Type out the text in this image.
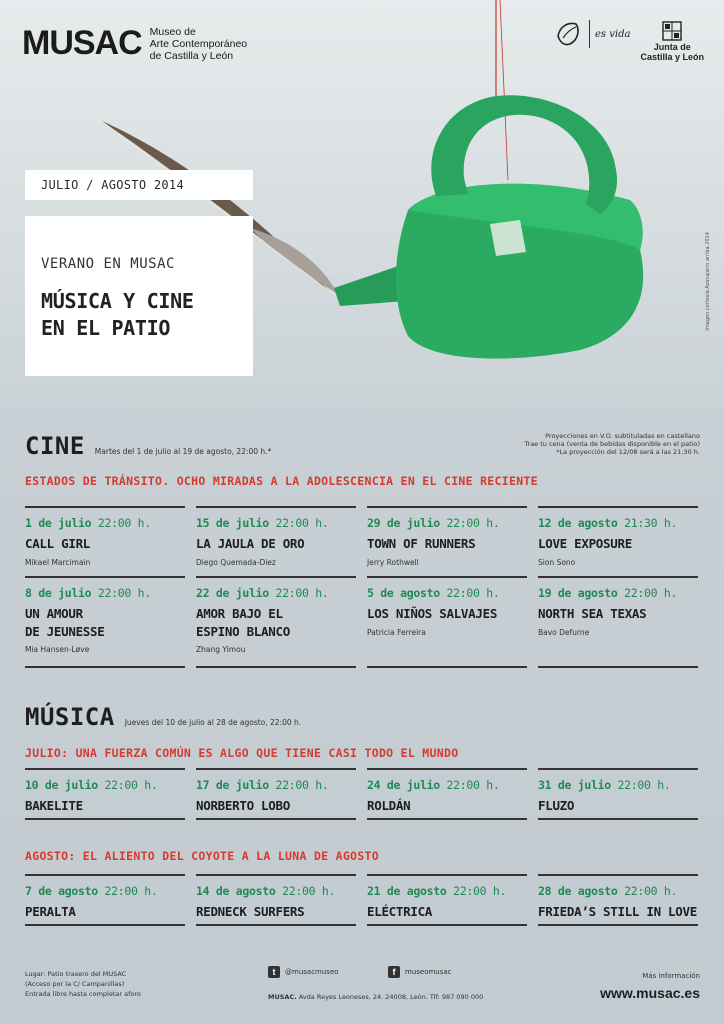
MUSAC Museo de
Arte Contemporáneo
de Castilla y León
es vida
Junta de
Castilla y León
Imagen cortesía Azocajarin arriba 2014
JULIO / AGOSTO 2014
VERANO EN MUSAC
MÚSICA Y CINE
EN EL PATIO
CINE Martes del 1 de julio al 19 de agosto, 22:00 h.*
Proyecciones en V.O. subtituladas en castellano
Trae tu cena (venta de bebidas disponible en el patio)
*La proyección del 12/08 será a las 21:30 h.
ESTADOS DE TRÁNSITO. OCHO MIRADAS A LA ADOLESCENCIA EN EL CINE RECIENTE
1 de julio 22:00 h.
CALL GIRL
Mikael Marcimain
15 de julio 22:00 h.
LA JAULA DE ORO
Diego Quemada-Diez
29 de julio 22:00 h.
TOWN OF RUNNERS
Jerry Rothwell
12 de agosto 21:30 h.
LOVE EXPOSURE
Sion Sono
8 de julio 22:00 h.
UN AMOUR
DE JEUNESSE
Mia Hansen-Løve
22 de julio 22:00 h.
AMOR BAJO EL
ESPINO BLANCO
Zhang Yimou
5 de agosto 22:00 h.
LOS NIÑOS SALVAJES
Patricia Ferreira
19 de agosto 22:00 h.
NORTH SEA TEXAS
Bavo Defurne
MÚSICA Jueves del 10 de julio al 28 de agosto, 22:00 h.
JULIO: UNA FUERZA COMÚN ES ALGO QUE TIENE CASI TODO EL MUNDO
10 de julio 22:00 h.
BAKELITE
17 de julio 22:00 h.
NORBERTO LOBO
24 de julio 22:00 h.
ROLDÁN
31 de julio 22:00 h.
FLUZO
AGOSTO: EL ALIENTO DEL COYOTE A LA LUNA DE AGOSTO
7 de agosto 22:00 h.
PERALTA
14 de agosto 22:00 h.
REDNECK SURFERS
21 de agosto 22:00 h.
ELÉCTRICA
28 de agosto 22:00 h.
FRIEDA’S STILL IN LOVE
Lugar: Patio trasero del MUSAC
(Acceso por la C/ Campanillas)
Entrada libre hasta completar aforo
t	@musacmuseo	f	museomusac
MUSAC. Avda Reyes Leoneses, 24. 24008, León. Tlf: 987 090 000
Más información
www.musac.es
